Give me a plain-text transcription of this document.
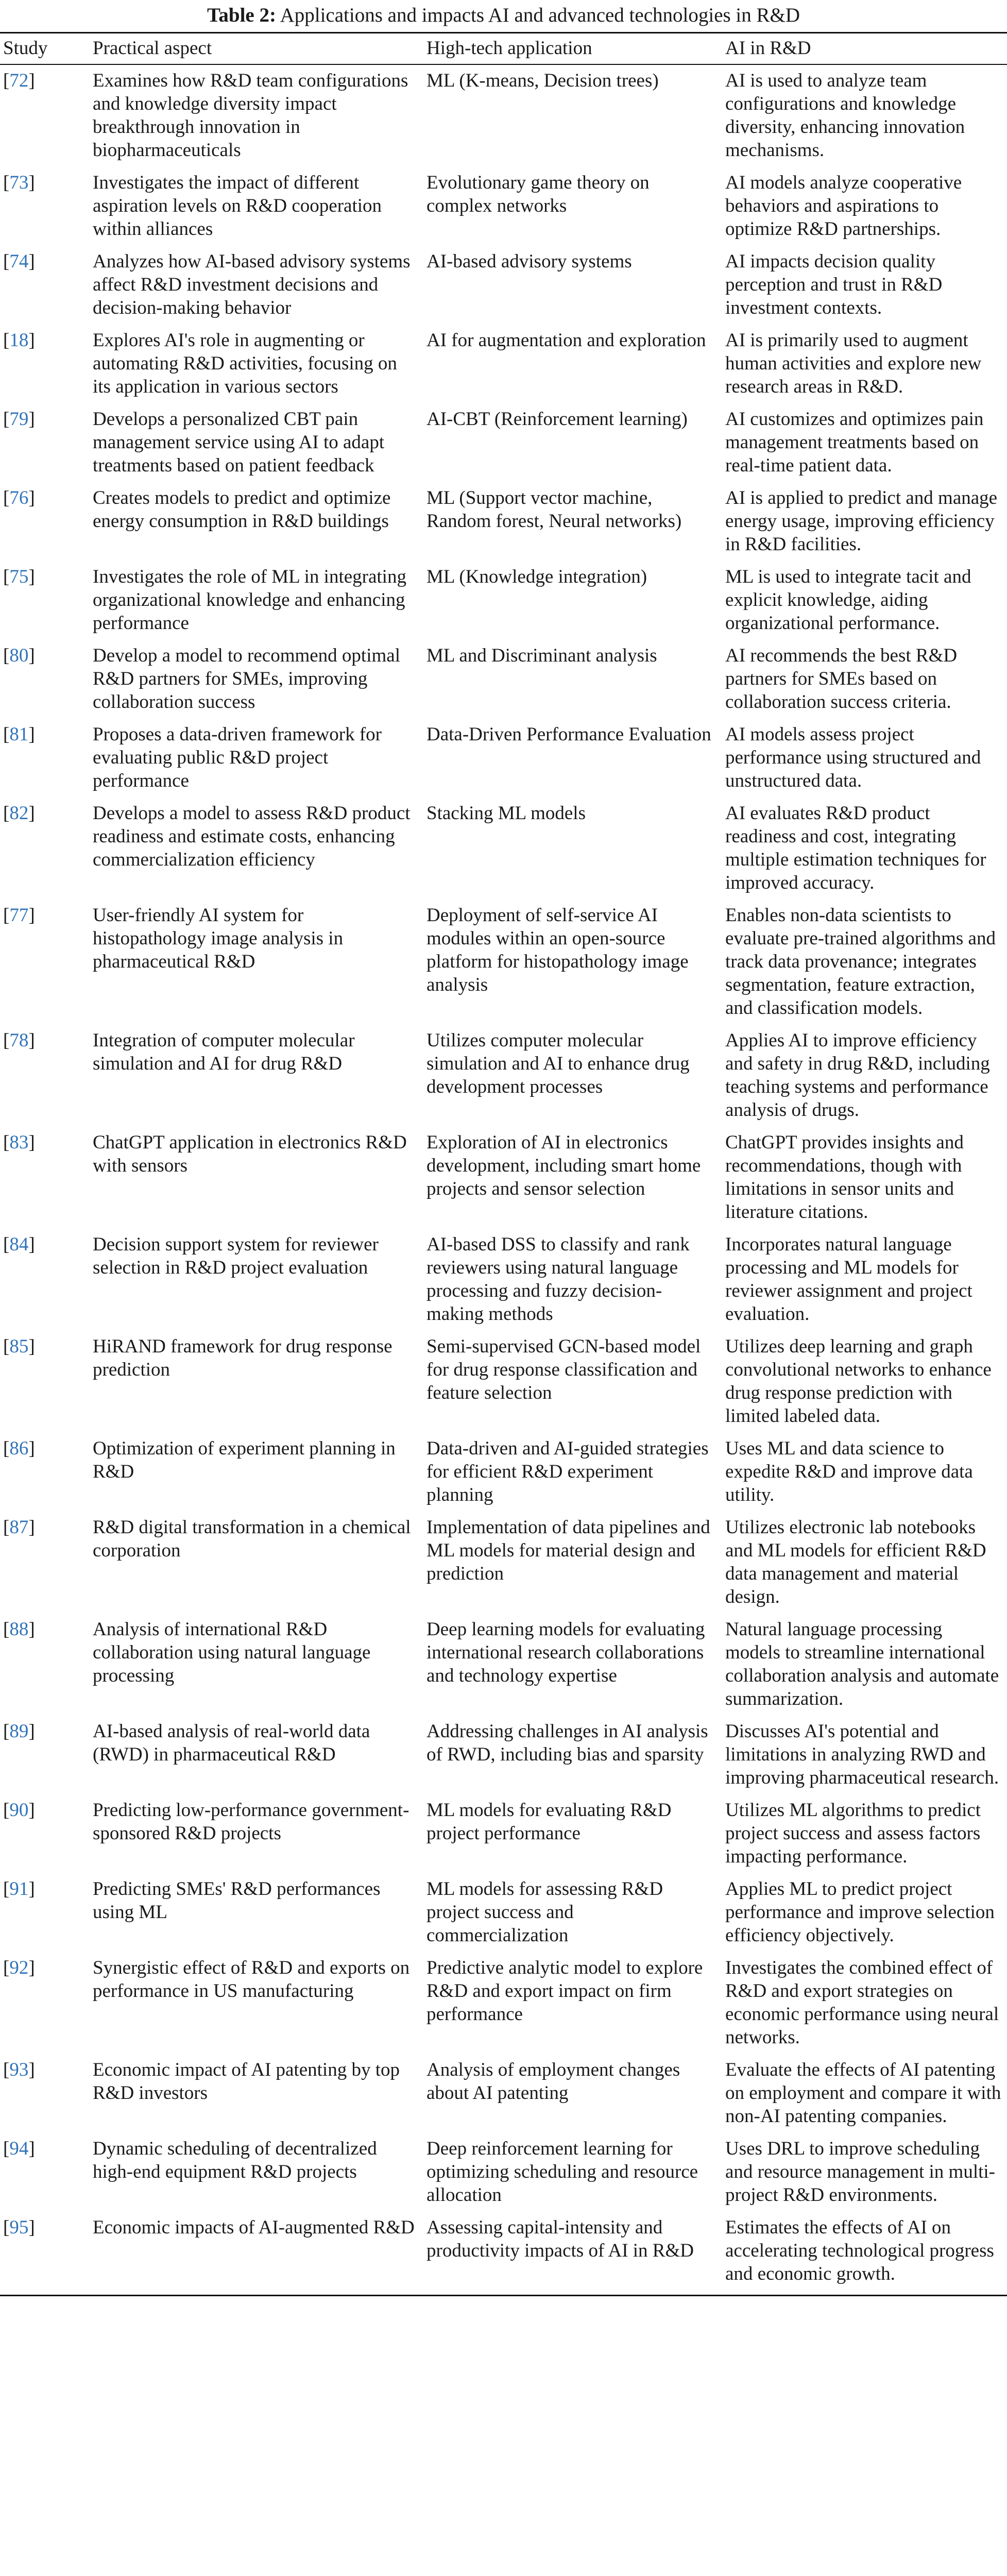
Table 2: Applications and impacts AI and advanced technologies in R&D
Study	Practical aspect	High-tech application	AI in R&D
[72]	Examines how R&D team configurations and knowledge diversity impact breakthrough innovation in biopharmaceuticals	ML (K-means, Decision trees)	AI is used to analyze team configurations and knowledge diversity, enhancing innovation mechanisms.
[73]	Investigates the impact of different aspiration levels on R&D cooperation within alliances	Evolutionary game theory on complex networks	AI models analyze cooperative behaviors and aspirations to optimize R&D partnerships.
[74]	Analyzes how AI-based advisory systems affect R&D investment decisions and decision-making behavior	AI-based advisory systems	AI impacts decision quality perception and trust in R&D investment contexts.
[18]	Explores AI's role in augmenting or automating R&D activities, focusing on its application in various sectors	AI for augmentation and exploration	AI is primarily used to augment human activities and explore new research areas in R&D.
[79]	Develops a personalized CBT pain management service using AI to adapt treatments based on patient feedback	AI-CBT (Reinforcement learning)	AI customizes and optimizes pain management treatments based on real-time patient data.
[76]	Creates models to predict and optimize energy consumption in R&D buildings	ML (Support vector machine, Random forest, Neural networks)	AI is applied to predict and manage energy usage, improving efficiency in R&D facilities.
[75]	Investigates the role of ML in integrating organizational knowledge and enhancing performance	ML (Knowledge integration)	ML is used to integrate tacit and explicit knowledge, aiding organizational performance.
[80]	Develop a model to recommend optimal R&D partners for SMEs, improving collaboration success	ML and Discriminant analysis	AI recommends the best R&D partners for SMEs based on collaboration success criteria.
[81]	Proposes a data-driven framework for evaluating public R&D project performance	Data-Driven Performance Evaluation	AI models assess project performance using structured and unstructured data.
[82]	Develops a model to assess R&D product readiness and estimate costs, enhancing commercialization efficiency	Stacking ML models	AI evaluates R&D product readiness and cost, integrating multiple estimation techniques for improved accuracy.
[77]	User-friendly AI system for histopathology image analysis in pharmaceutical R&D	Deployment of self-service AI modules within an open-source platform for histopathology image analysis	Enables non-data scientists to evaluate pre-trained algorithms and track data provenance; integrates segmentation, feature extraction, and classification models.
[78]	Integration of computer molecular simulation and AI for drug R&D	Utilizes computer molecular simulation and AI to enhance drug development processes	Applies AI to improve efficiency and safety in drug R&D, including teaching systems and performance analysis of drugs.
[83]	ChatGPT application in electronics R&D with sensors	Exploration of AI in electronics development, including smart home projects and sensor selection	ChatGPT provides insights and recommendations, though with limitations in sensor units and literature citations.
[84]	Decision support system for reviewer selection in R&D project evaluation	AI-based DSS to classify and rank reviewers using natural language processing and fuzzy decision-making methods	Incorporates natural language processing and ML models for reviewer assignment and project evaluation.
[85]	HiRAND framework for drug response prediction	Semi-supervised GCN-based model for drug response classification and feature selection	Utilizes deep learning and graph convolutional networks to enhance drug response prediction with limited labeled data.
[86]	Optimization of experiment planning in R&D	Data-driven and AI-guided strategies for efficient R&D experiment planning	Uses ML and data science to expedite R&D and improve data utility.
[87]	R&D digital transformation in a chemical corporation	Implementation of data pipelines and ML models for material design and prediction	Utilizes electronic lab notebooks and ML models for efficient R&D data management and material design.
[88]	Analysis of international R&D collaboration using natural language processing	Deep learning models for evaluating international research collaborations and technology expertise	Natural language processing models to streamline international collaboration analysis and automate summarization.
[89]	AI-based analysis of real-world data (RWD) in pharmaceutical R&D	Addressing challenges in AI analysis of RWD, including bias and sparsity	Discusses AI's potential and limitations in analyzing RWD and improving pharmaceutical research.
[90]	Predicting low-performance government-sponsored R&D projects	ML models for evaluating R&D project performance	Utilizes ML algorithms to predict project success and assess factors impacting performance.
[91]	Predicting SMEs' R&D performances using ML	ML models for assessing R&D project success and commercialization	Applies ML to predict project performance and improve selection efficiency objectively.
[92]	Synergistic effect of R&D and exports on performance in US manufacturing	Predictive analytic model to explore R&D and export impact on firm performance	Investigates the combined effect of R&D and export strategies on economic performance using neural networks.
[93]	Economic impact of AI patenting by top R&D investors	Analysis of employment changes about AI patenting	Evaluate the effects of AI patenting on employment and compare it with non-AI patenting companies.
[94]	Dynamic scheduling of decentralized high-end equipment R&D projects	Deep reinforcement learning for optimizing scheduling and resource allocation	Uses DRL to improve scheduling and resource management in multi-project R&D environments.
[95]	Economic impacts of AI-augmented R&D	Assessing capital-intensity and productivity impacts of AI in R&D	Estimates the effects of AI on accelerating technological progress and economic growth.
